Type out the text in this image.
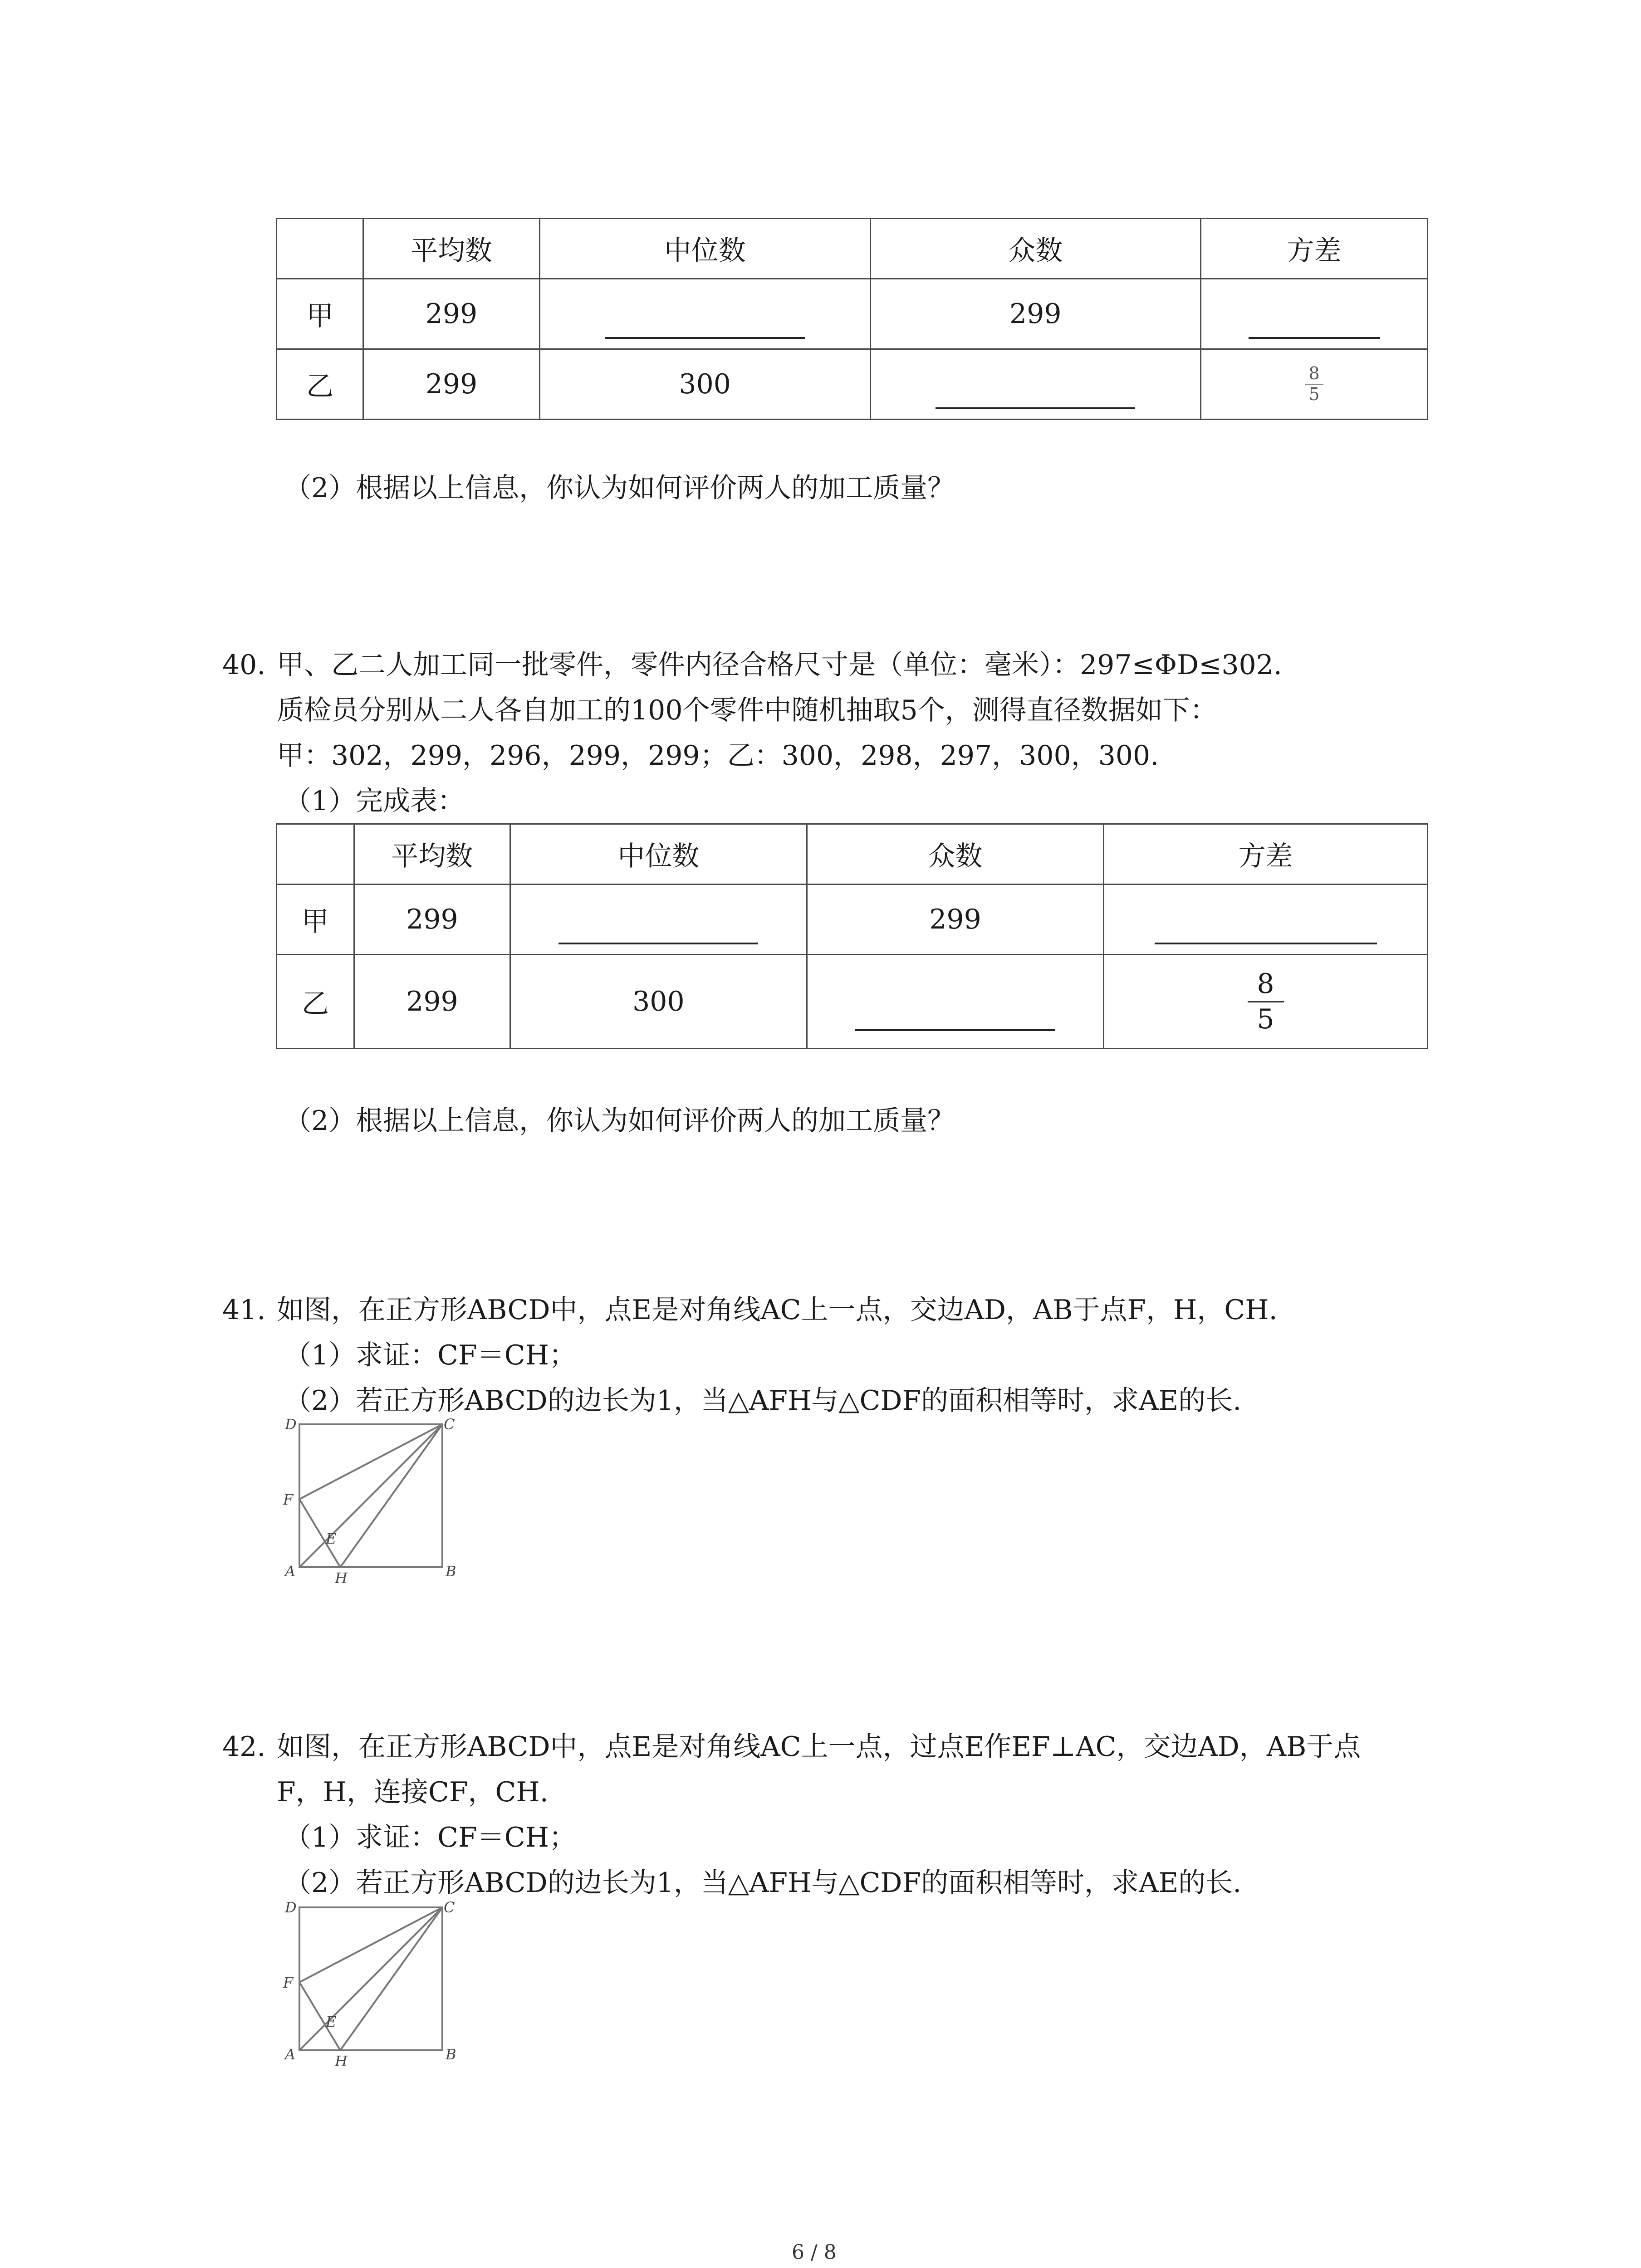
	平均数	中位数	众数	方差
甲	299		299	
乙	299	300		$\frac{8}{5}$
（2）根据以上信息，你认为如何评价两人的加工质量？
40. 甲、乙二人加工同一批零件，零件内径合格尺寸是（单位：毫米）：297≤ΦD≤302.
质检员分别从二人各自加工的100个零件中随机抽取5个，测得直径数据如下：
甲：302，299，296，299，299；乙：300，298，297，300，300.
（1）完成表：
	平均数	中位数	众数	方差
甲	299		299	
乙	299	300		$\frac{8}{5}$
（2）根据以上信息，你认为如何评价两人的加工质量？
41. 如图，在正方形ABCD中，点E是对角线AC上一点，交边AD，AB于点F，H，CH.
（1）求证：CF＝CH；
（2）若正方形ABCD的边长为1，当△AFH与△CDF的面积相等时，求AE的长.
D	C
A	B
F
E
H
42. 如图，在正方形ABCD中，点E是对角线AC上一点，过点E作EF⊥AC，交边AD，AB于点
F，H，连接CF，CH.
（1）求证：CF＝CH；
（2）若正方形ABCD的边长为1，当△AFH与△CDF的面积相等时，求AE的长.
D	C
A	B
F
E
H
6 / 8
